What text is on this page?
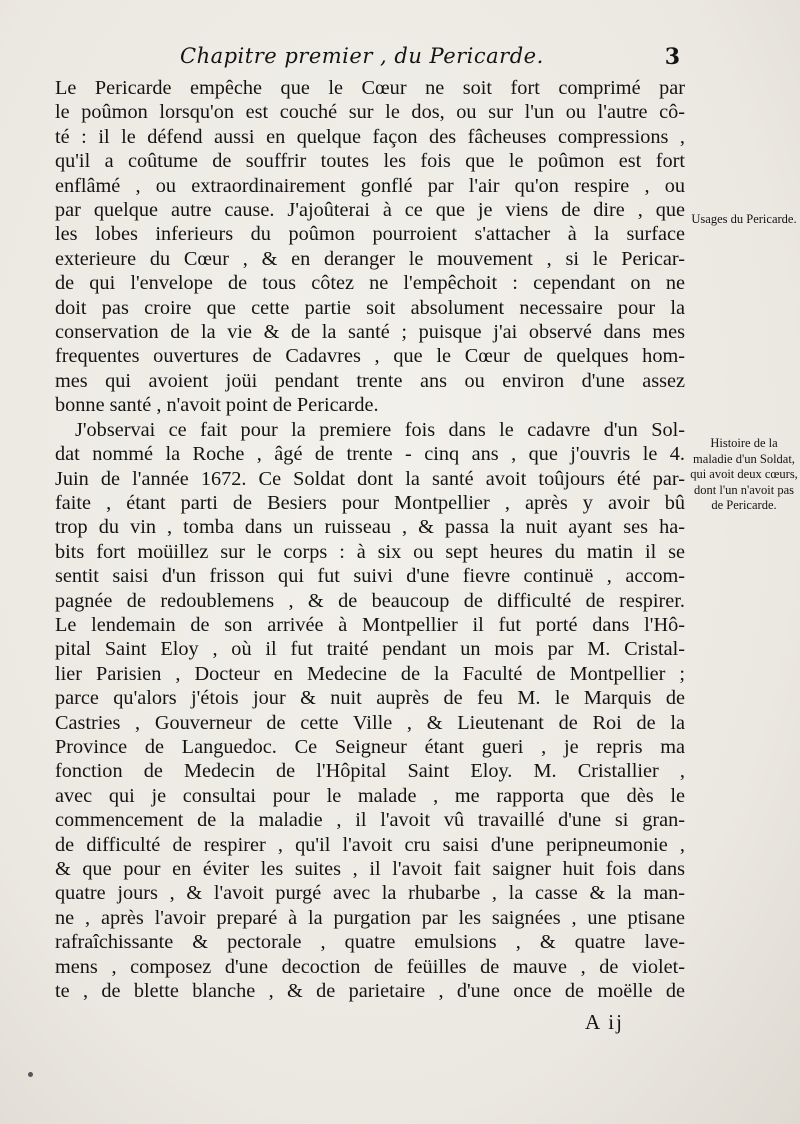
Chapitre premier , du Pericarde.	3
Le Pericarde empêche que le Cœur ne soit fort comprimé par
le poûmon lorsqu'on est couché sur le dos, ou sur l'un ou l'autre cô-
té : il le défend aussi en quelque façon des fâcheuses compressions ,
qu'il a coûtume de souffrir toutes les fois que le poûmon est fort
enflâmé , ou extraordinairement gonflé par l'air qu'on respire , ou
par quelque autre cause. J'ajoûterai à ce que je viens de dire , que
les lobes inferieurs du poûmon pourroient s'attacher à la surface
exterieure du Cœur , & en deranger le mouvement , si le Pericar-
de qui l'envelope de tous côtez ne l'empêchoit : cependant on ne
doit pas croire que cette partie soit absolument necessaire pour la
conservation de la vie & de la santé ; puisque j'ai observé dans mes
frequentes ouvertures de Cadavres , que le Cœur de quelques hom-
mes qui avoient joüi pendant trente ans ou environ d'une assez
bonne santé , n'avoit point de Pericarde.
J'observai ce fait pour la premiere fois dans le cadavre d'un Sol-
dat nommé la Roche , âgé de trente - cinq ans , que j'ouvris le 4.
Juin de l'année 1672. Ce Soldat dont la santé avoit toûjours été par-
faite , étant parti de Besiers pour Montpellier , après y avoir bû
trop du vin , tomba dans un ruisseau , & passa la nuit ayant ses ha-
bits fort moüillez sur le corps : à six ou sept heures du matin il se
sentit saisi d'un frisson qui fut suivi d'une fievre continuë , accom-
pagnée de redoublemens , & de beaucoup de difficulté de respirer.
Le lendemain de son arrivée à Montpellier il fut porté dans l'Hô-
pital Saint Eloy , où il fut traité pendant un mois par M. Cristal-
lier Parisien , Docteur en Medecine de la Faculté de Montpellier ;
parce qu'alors j'étois jour & nuit auprès de feu M. le Marquis de
Castries , Gouverneur de cette Ville , & Lieutenant de Roi de la
Province de Languedoc. Ce Seigneur étant gueri , je repris ma
fonction de Medecin de l'Hôpital Saint Eloy. M. Cristallier ,
avec qui je consultai pour le malade , me rapporta que dès le
commencement de la maladie , il l'avoit vû travaillé d'une si gran-
de difficulté de respirer , qu'il l'avoit cru saisi d'une peripneumonie ,
& que pour en éviter les suites , il l'avoit fait saigner huit fois dans
quatre jours , & l'avoit purgé avec la rhubarbe , la casse & la man-
ne , après l'avoir preparé à la purgation par les saignées , une ptisane
rafraîchissante & pectorale , quatre emulsions , & quatre lave-
mens , composez d'une decoction de feüilles de mauve , de violet-
te , de blette blanche , & de parietaire , d'une once de moëlle de
Usages du Pericarde.
Histoire de la maladie d'un Soldat, qui avoit deux cœurs, dont l'un n'avoit pas de Pericarde.
A ij
